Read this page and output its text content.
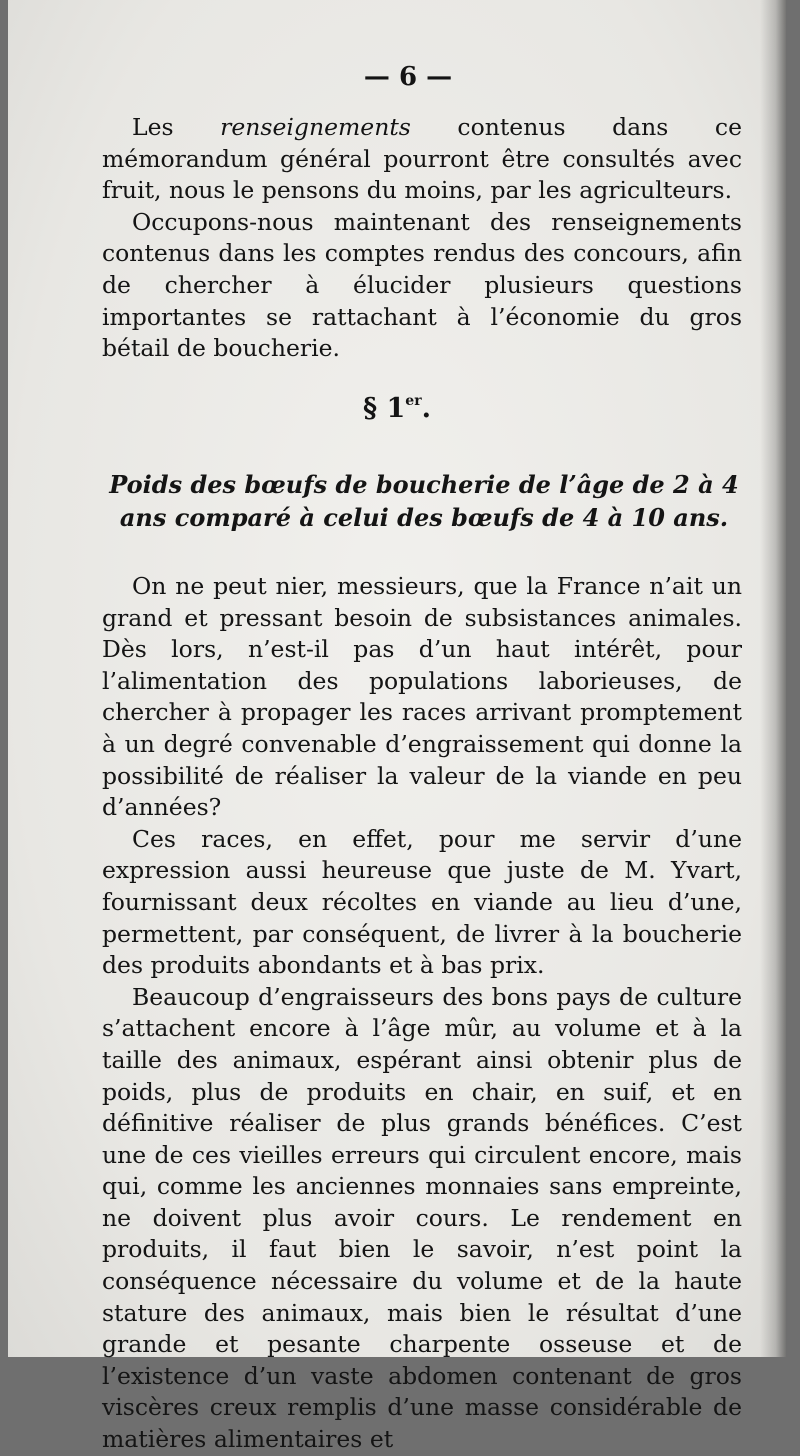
— 6 —

Les renseignements contenus dans ce mémorandum général pourront être consultés avec fruit, nous le pensons du moins, par les agriculteurs.

Occupons-nous maintenant des renseignements contenus dans les comptes rendus des concours, afin de chercher à élucider plusieurs questions importantes se rattachant à l’économie du gros bétail de boucherie.

§ 1er.
Poids des bœufs de boucherie de l’âge de 2 à 4 ans comparé à celui des bœufs de 4 à 10 ans.

On ne peut nier, messieurs, que la France n’ait un grand et pressant besoin de subsistances animales. Dès lors, n’est-il pas d’un haut intérêt, pour l’alimentation des populations laborieuses, de chercher à propager les races arrivant promptement à un degré convenable d’engraissement qui donne la possibilité de réaliser la valeur de la viande en peu d’années?

Ces races, en effet, pour me servir d’une expression aussi heureuse que juste de M. Yvart, fournissant deux récoltes en viande au lieu d’une, permettent, par conséquent, de livrer à la boucherie des produits abondants et à bas prix.

Beaucoup d’engraisseurs des bons pays de culture s’attachent encore à l’âge mûr, au volume et à la taille des animaux, espérant ainsi obtenir plus de poids, plus de produits en chair, en suif, et en définitive réaliser de plus grands bénéfices. C’est une de ces vieilles erreurs qui circulent encore, mais qui, comme les anciennes monnaies sans empreinte, ne doivent plus avoir cours. Le rendement en produits, il faut bien le savoir, n’est point la conséquence nécessaire du volume et de la haute stature des animaux, mais bien le résultat d’une grande et pesante charpente osseuse et de l’existence d’un vaste abdomen contenant de gros viscères creux remplis d’une masse considérable de matières alimentaires et
